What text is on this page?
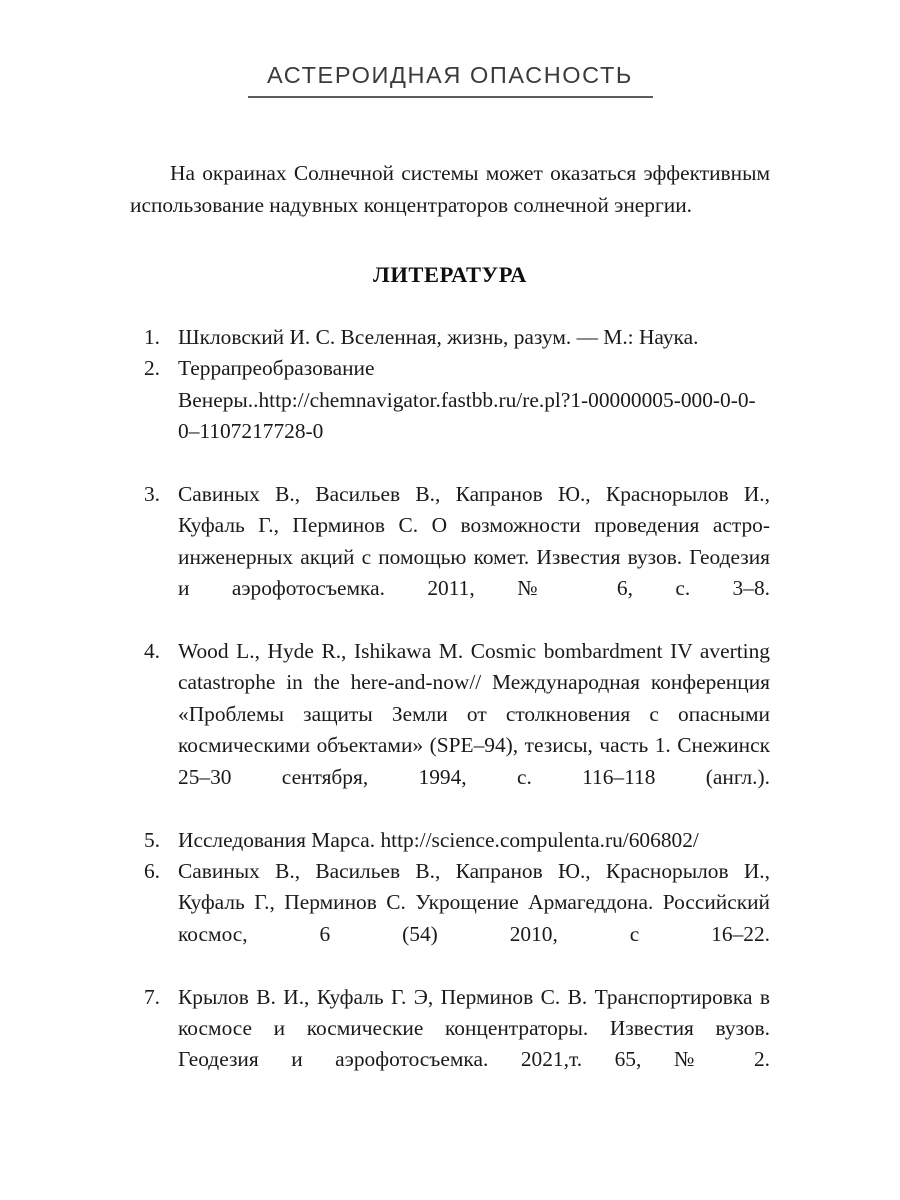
АСТЕРОИДНАЯ ОПАСНОСТЬ

На окраинах Солнечной системы может оказаться эффективным использование надувных концентраторов солнечной энергии.

ЛИТЕРАТУРА
1. Шкловский И. С. Вселенная, жизнь, разум. — М.: Наука.
2. Террапреобразование Венеры..http://chemnavigator.fastbb.ru/re.pl?1-00000005-000-0-0-0–1107217728-0
3. Савиных В., Васильев В., Капранов Ю., Краснорылов И., Куфаль Г., Перминов С. О возможности проведения астро-инженерных акций с помощью комет. Известия вузов. Геодезия и аэрофотосъемка. 2011, № 6, с. 3–8.
4. Wood L., Hyde R., Ishikawa M. Cosmic bombardment IV averting catastrophe in the here-and-now// Международная конференция «Проблемы защиты Земли от столкновения с опасными космическими объектами» (SPE–94), тезисы, часть 1. Снежинск 25–30 сентября, 1994, с. 116–118 (англ.).
5. Исследования Марса. http://science.compulenta.ru/606802/
6. Савиных В., Васильев В., Капранов Ю., Краснорылов И., Куфаль Г., Перминов С. Укрощение Армагеддона. Российский космос, 6 (54) 2010, с 16–22.
7. Крылов В. И., Куфаль Г. Э, Перминов С. В. Транспортировка в космосе и космические концентраторы. Известия вузов. Геодезия и аэрофотосъемка. 2021,т. 65, № 2.
